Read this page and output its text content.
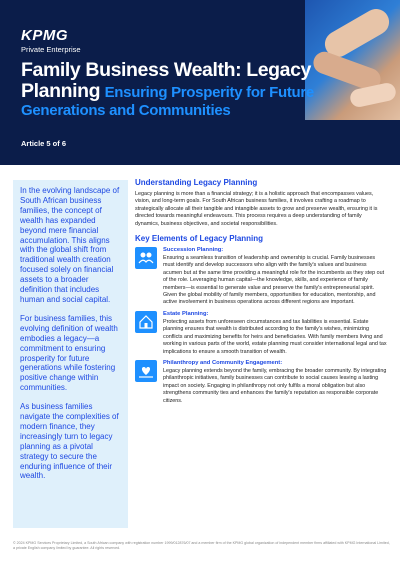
KPMG
Private Enterprise
Family Business Wealth: Legacy Planning Ensuring Prosperity for Future Generations and Communities
Article 5 of 6

In the evolving landscape of South African business families, the concept of wealth has expanded beyond mere financial accumulation. This aligns with the global shift from traditional wealth creation focused solely on financial assets to a broader definition that includes human and social capital.

For business families, this evolving definition of wealth embodies a legacy—a commitment to ensuring prosperity for future generations while fostering positive change within communities.

As business families navigate the complexities of modern finance, they increasingly turn to legacy planning as a pivotal strategy to secure the enduring influence of their wealth.

Understanding Legacy Planning
Legacy planning is more than a financial strategy; it is a holistic approach that encompasses values, vision, and long-term goals. For South African business families, it involves crafting a roadmap to strategically allocate all their tangible and intangible assets to grow and preserve wealth, ensuring it is directed towards meaningful endeavours. This process requires a deep understanding of family dynamics, business objectives, and societal responsibilities.
Key Elements of Legacy Planning
Succession Planning:
Ensuring a seamless transition of leadership and ownership is crucial. Family businesses must identify and develop successors who align with the family's values and business acumen but at the same time providing a meaningful role for the incumbents as they step out of the role. Leveraging human capital—the knowledge, skills, and experience of family members—is essential to generate value and preserve the family's entrepreneurial spirit. Given the global mobility of family members, opportunities for education, mentorship, and active involvement in business operations across different regions are important.
Estate Planning:
Protecting assets from unforeseen circumstances and tax liabilities is essential. Estate planning ensures that wealth is distributed according to the family's wishes, minimizing conflicts and maximizing benefits for heirs and beneficiaries. With family members living and working in various parts of the world, estate planning must consider international legal and tax implications to ensure a smooth transition of wealth.
Philanthropy and Community Engagement:
Legacy planning extends beyond the family, embracing the broader community. By integrating philanthropic initiatives, family businesses can contribute to social causes leaving a lasting impact on society. Engaging in philanthropy not only fulfils a moral obligation but also strengthens community ties and enhances the family's reputation as responsible corporate citizens.
© 2024 KPMG Services Proprietary Limited, a South African company with registration number 1999/012876/07 and a member firm of the KPMG global organization of independent member firms affiliated with KPMG International Limited, a private English company limited by guarantee. All rights reserved.
